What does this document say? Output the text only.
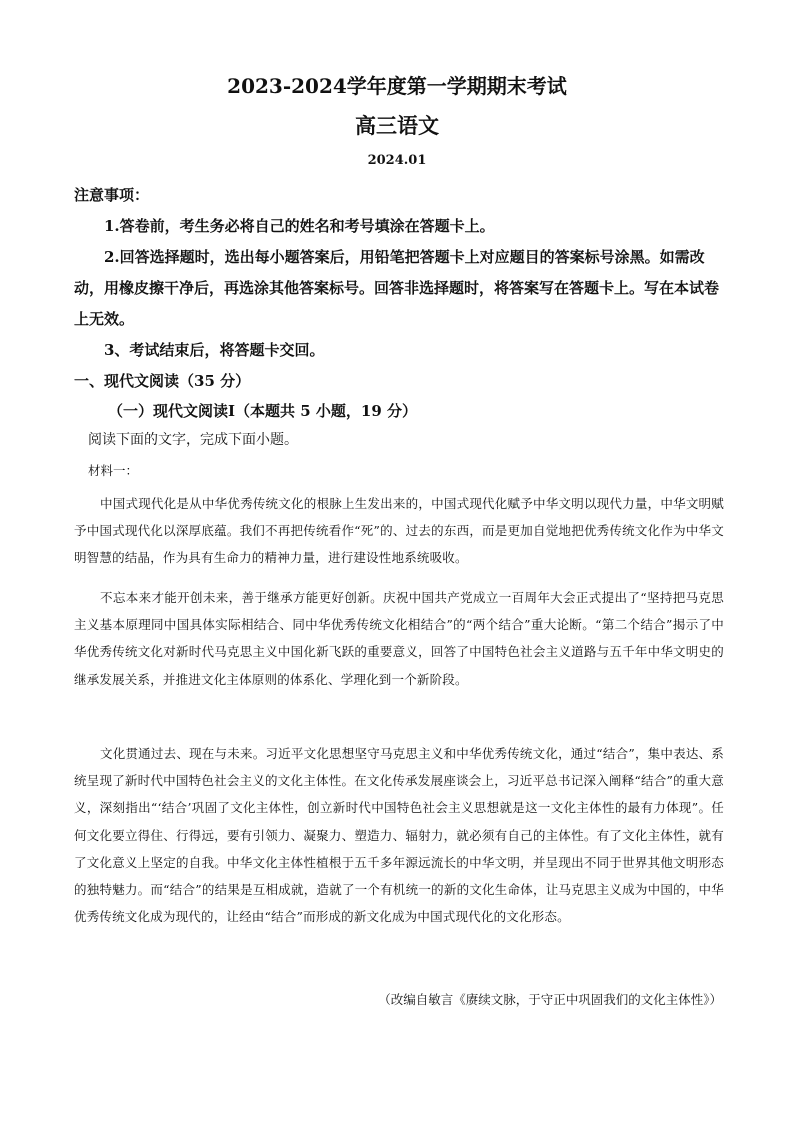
2023-2024学年度第一学期期末考试
高三语文
2024.01

注意事项：

1.答卷前，考生务必将自己的姓名和考号填涂在答题卡上。

2.回答选择题时，选出每小题答案后，用铅笔把答题卡上对应题目的答案标号涂黑。如需改动，用橡皮擦干净后，再选涂其他答案标号。回答非选择题时，将答案写在答题卡上。写在本试卷上无效。

3、考试结束后，将答题卡交回。

一、现代文阅读（35 分）

（一）现代文阅读Ⅰ（本题共 5 小题，19 分）

阅读下面的文字，完成下面小题。

材料一：

中国式现代化是从中华优秀传统文化的根脉上生发出来的，中国式现代化赋予中华文明以现代力量，中华文明赋予中国式现代化以深厚底蕴。我们不再把传统看作“死”的、过去的东西，而是更加自觉地把优秀传统文化作为中华文明智慧的结晶，作为具有生命力的精神力量，进行建设性地系统吸收。

不忘本来才能开创未来，善于继承方能更好创新。庆祝中国共产党成立一百周年大会正式提出了“坚持把马克思主义基本原理同中国具体实际相结合、同中华优秀传统文化相结合”的“两个结合”重大论断。“第二个结合”揭示了中华优秀传统文化对新时代马克思主义中国化新飞跃的重要意义，回答了中国特色社会主义道路与五千年中华文明史的继承发展关系，并推进文化主体原则的体系化、学理化到一个新阶段。

文化贯通过去、现在与未来。习近平文化思想坚守马克思主义和中华优秀传统文化，通过“结合”，集中表达、系统呈现了新时代中国特色社会主义的文化主体性。在文化传承发展座谈会上，习近平总书记深入阐释“结合”的重大意义，深刻指出“‘结合’巩固了文化主体性，创立新时代中国特色社会主义思想就是这一文化主体性的最有力体现”。任何文化要立得住、行得远，要有引领力、凝聚力、塑造力、辐射力，就必须有自己的主体性。有了文化主体性，就有了文化意义上坚定的自我。中华文化主体性植根于五千多年源远流长的中华文明，并呈现出不同于世界其他文明形态的独特魅力。而“结合”的结果是互相成就，造就了一个有机统一的新的文化生命体，让马克思主义成为中国的，中华优秀传统文化成为现代的，让经由“结合”而形成的新文化成为中国式现代化的文化形态。

（改编自敏言《赓续文脉，于守正中巩固我们的文化主体性》）
